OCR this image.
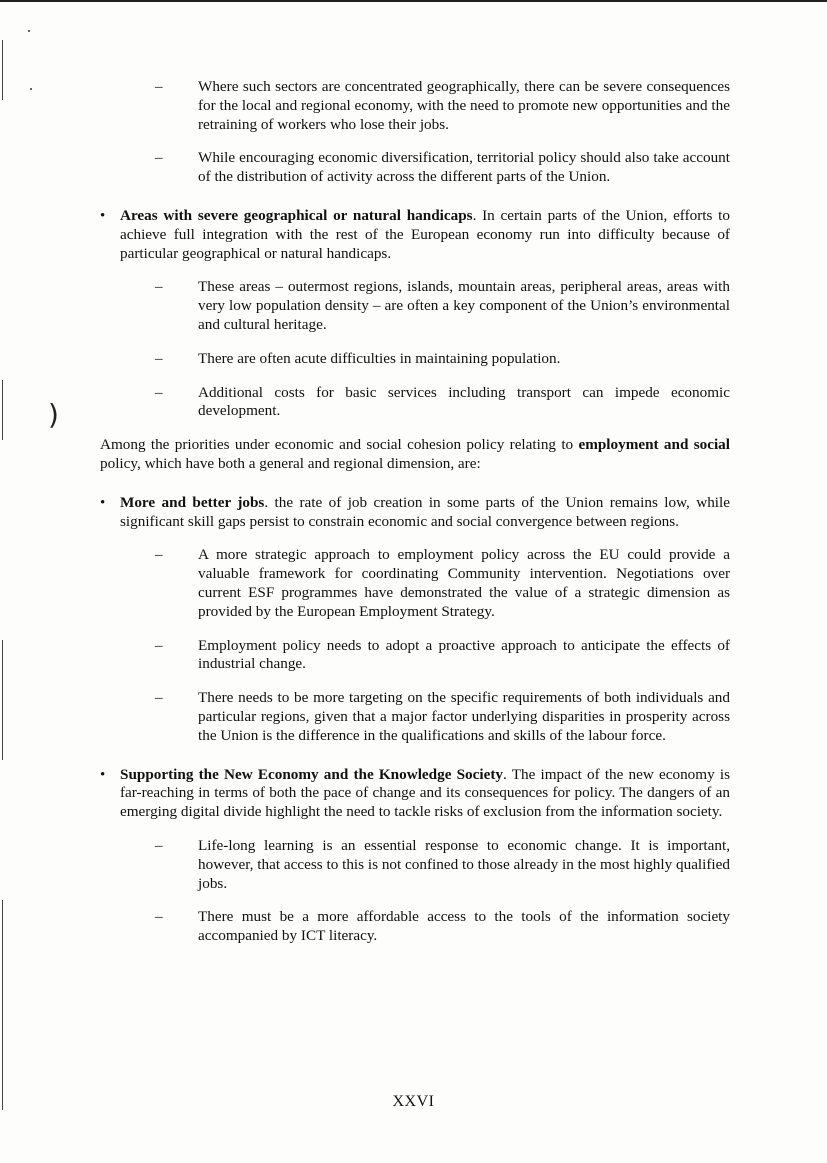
)
– Where such sectors are concentrated geographically, there can be severe consequences for the local and regional economy, with the need to promote new opportunities and the retraining of workers who lose their jobs.
– While encouraging economic diversification, territorial policy should also take account of the distribution of activity across the different parts of the Union.
• Areas with severe geographical or natural handicaps. In certain parts of the Union, efforts to achieve full integration with the rest of the European economy run into difficulty because of particular geographical or natural handicaps.
– These areas – outermost regions, islands, mountain areas, peripheral areas, areas with very low population density – are often a key component of the Union’s environmental and cultural heritage.
– There are often acute difficulties in maintaining population.
– Additional costs for basic services including transport can impede economic development.
Among the priorities under economic and social cohesion policy relating to employment and social policy, which have both a general and regional dimension, are:
• More and better jobs. the rate of job creation in some parts of the Union remains low, while significant skill gaps persist to constrain economic and social convergence between regions.
– A more strategic approach to employment policy across the EU could provide a valuable framework for coordinating Community intervention. Negotiations over current ESF programmes have demonstrated the value of a strategic dimension as provided by the European Employment Strategy.
– Employment policy needs to adopt a proactive approach to anticipate the effects of industrial change.
– There needs to be more targeting on the specific requirements of both individuals and particular regions, given that a major factor underlying disparities in prosperity across the Union is the difference in the qualifications and skills of the labour force.
• Supporting the New Economy and the Knowledge Society. The impact of the new economy is far-reaching in terms of both the pace of change and its consequences for policy. The dangers of an emerging digital divide highlight the need to tackle risks of exclusion from the information society.
– Life-long learning is an essential response to economic change. It is important, however, that access to this is not confined to those already in the most highly qualified jobs.
– There must be a more affordable access to the tools of the information society accompanied by ICT literacy.
XXVI
